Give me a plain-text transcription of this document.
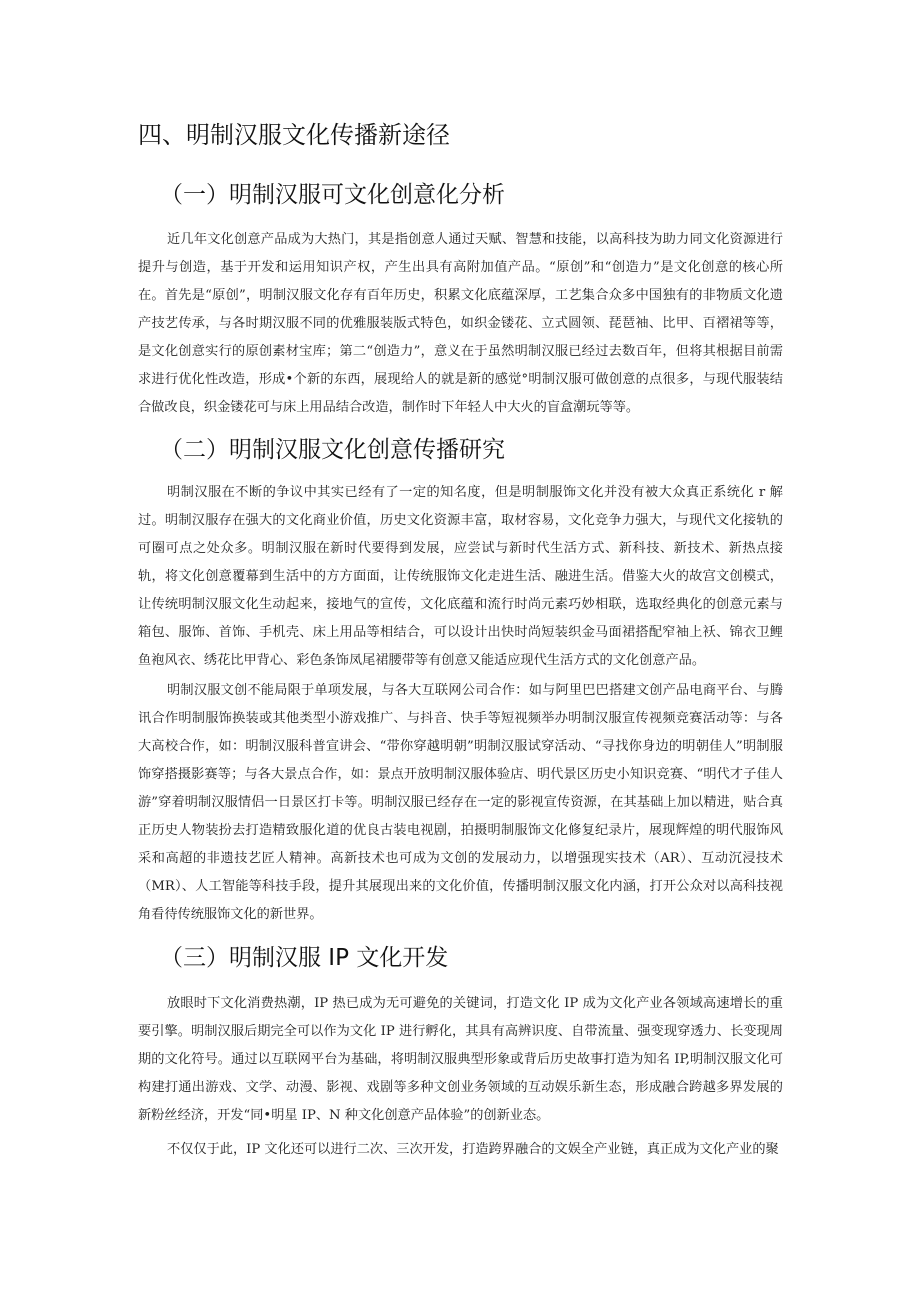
四、明制汉服文化传播新途径
（一）明制汉服可文化创意化分析

近几年文化创意产品成为大热门，其是指创意人通过天赋、智慧和技能，以高科技为助力同文化资源进行提升与创造，基于开发和运用知识产权，产生出具有高附加值产品。“原创”和“创造力”是文化创意的核心所在。首先是“原创”，明制汉服文化存有百年历史，积累文化底蕴深厚，工艺集合众多中国独有的非物质文化遗产技艺传承，与各时期汉服不同的优雅服装版式特色，如织金镂花、立式圆领、琵琶袖、比甲、百褶裙等等，是文化创意实行的原创素材宝库；第二“创造力”，意义在于虽然明制汉服已经过去数百年，但将其根据目前需求进行优化性改造，形成•个新的东西，展现给人的就是新的感觉°明制汉服可做创意的点很多，与现代服装结合做改良，织金镂花可与床上用品结合改造，制作时下年轻人中大火的盲盒潮玩等等。

（二）明制汉服文化创意传播研究

明制汉服在不断的争议中其实已经有了一定的知名度，但是明制服饰文化并没有被大众真正系统化 r 解过。明制汉服存在强大的文化商业价值，历史文化资源丰富，取材容易，文化竞争力强大，与现代文化接轨的可圈可点之处众多。明制汉服在新时代要得到发展，应尝试与新时代生活方式、新科技、新技术、新热点接轨，将文化创意覆幕到生活中的方方面面，让传统服饰文化走进生活、融进生活。借鉴大火的故宫文创模式，让传统明制汉服文化生动起来，接地气的宣传，文化底蕴和流行时尚元素巧妙相联，选取经典化的创意元素与箱包、服饰、首饰、手机壳、床上用品等相结合，可以设计出快时尚短装织金马面裙搭配窄袖上袄、锦衣卫鲤鱼袍风衣、绣花比甲背心、彩色条饰凤尾裙腰带等有创意又能适应现代生活方式的文化创意产品。

明制汉服文创不能局限于单项发展，与各大互联网公司合作：如与阿里巴巴搭建文创产品电商平台、与腾讯合作明制服饰换装或其他类型小游戏推广、与抖音、快手等短视频举办明制汉服宣传视频竞赛活动等：与各大高校合作，如：明制汉服科普宣讲会、“带你穿越明朝”明制汉服试穿活动、“寻找你身边的明朝佳人”明制服饰穿搭摄影赛等；与各大景点合作，如：景点开放明制汉服体验店、明代景区历史小知识竞赛、“明代才子佳人游”穿着明制汉服情侣一日景区打卡等。明制汉服已经存在一定的影视宣传资源，在其基础上加以精进，贴合真正历史人物装扮去打造精致服化道的优良古装电视剧，拍摄明制服饰文化修复纪录片，展现辉煌的明代服饰风采和高超的非遗技艺匠人精神。高新技术也可成为文创的发展动力，以增强现实技术（AR）、互动沉浸技术（MR）、人工智能等科技手段，提升其展现出来的文化价值，传播明制汉服文化内涵，打开公众对以高科技视角看待传统服饰文化的新世界。

（三）明制汉服 IP 文化开发

放眼时下文化消费热潮，IP 热已成为无可避免的关键词，打造文化 IP 成为文化产业各领域高速增长的重要引擎。明制汉服后期完全可以作为文化 IP 进行孵化，其具有高辨识度、自带流量、强变现穿透力、长变现周期的文化符号。通过以互联网平台为基础，将明制汉服典型形象或背后历史故事打造为知名 IP,明制汉服文化可构建打通出游戏、文学、动漫、影视、戏剧等多种文创业务领域的互动娱乐新生态，形成融合跨越多界发展的新粉丝经济，开发“同•明星 IP、N 种文化创意产品体验”的创新业态。

不仅仅于此，IP 文化还可以进行二次、三次开发，打造跨界融合的文娱全产业链，真正成为文化产业的聚
